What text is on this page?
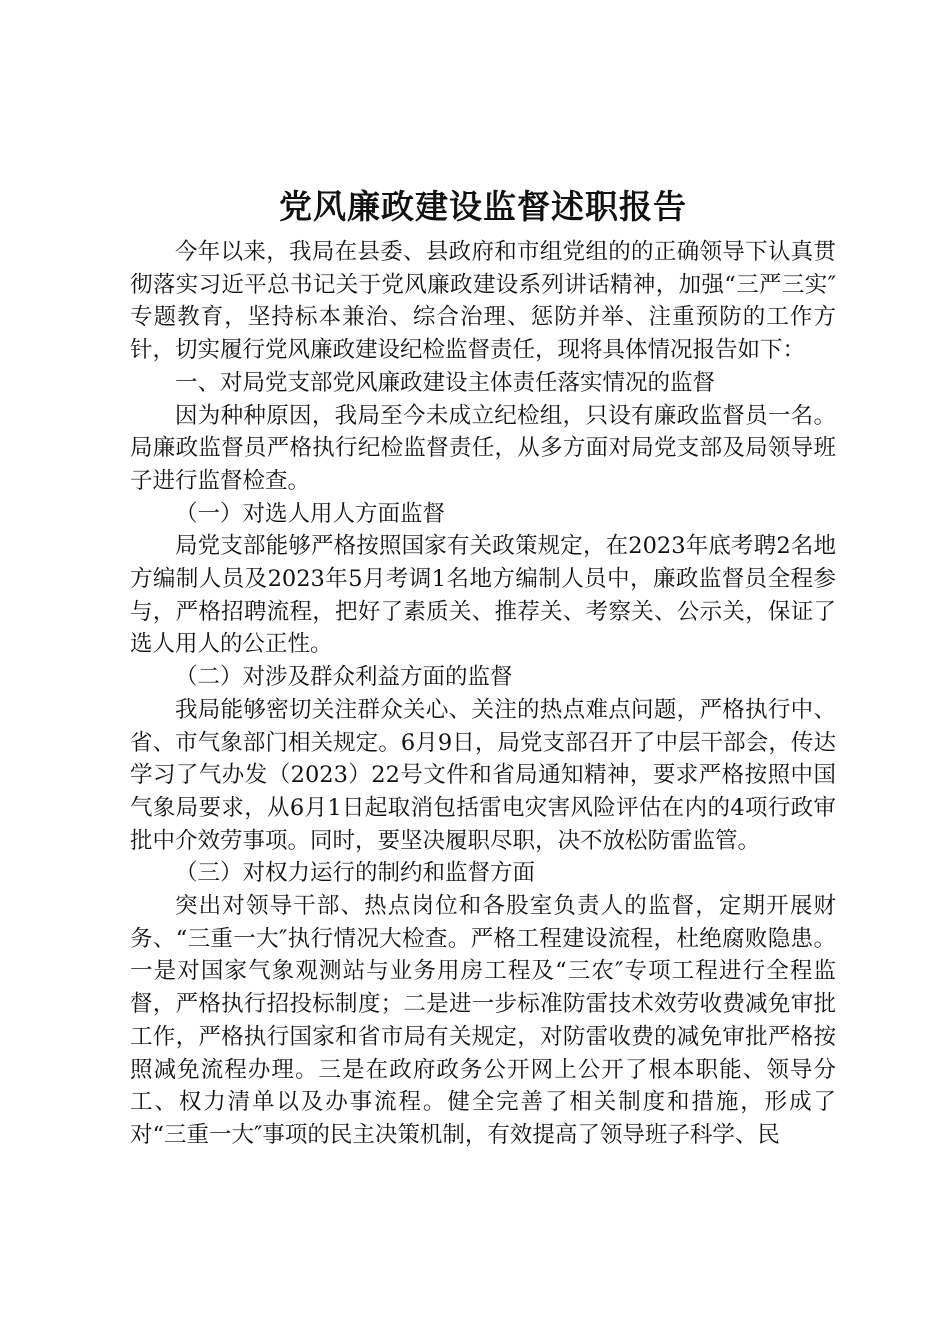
党风廉政建设监督述职报告

今年以来，我局在县委、县政府和市组党组的的正确领导下认真贯彻落实习近平总书记关于党风廉政建设系列讲话精神，加强“三严三实″专题教育，坚持标本兼治、综合治理、惩防并举、注重预防的工作方针，切实履行党风廉政建设纪检监督责任，现将具体情况报告如下：

一、对局党支部党风廉政建设主体责任落实情况的监督

因为种种原因，我局至今未成立纪检组，只设有廉政监督员一名。局廉政监督员严格执行纪检监督责任，从多方面对局党支部及局领导班子进行监督检查。

（一）对选人用人方面监督

局党支部能够严格按照国家有关政策规定，在2023年底考聘2名地方编制人员及2023年5月考调1名地方编制人员中，廉政监督员全程参与，严格招聘流程，把好了素质关、推荐关、考察关、公示关，保证了选人用人的公正性。

（二）对涉及群众利益方面的监督

我局能够密切关注群众关心、关注的热点难点问题，严格执行中、省、市气象部门相关规定。6月9日，局党支部召开了中层干部会，传达学习了气办发（2023）22号文件和省局通知精神，要求严格按照中国气象局要求，从6月1日起取消包括雷电灾害风险评估在内的4项行政审批中介效劳事项。同时，要坚决履职尽职，决不放松防雷监管。

（三）对权力运行的制约和监督方面

突出对领导干部、热点岗位和各股室负责人的监督，定期开展财务、“三重一大″执行情况大检查。严格工程建设流程，杜绝腐败隐患。一是对国家气象观测站与业务用房工程及“三农″专项工程进行全程监督，严格执行招投标制度；二是进一步标准防雷技术效劳收费减免审批工作，严格执行国家和省市局有关规定，对防雷收费的减免审批严格按照减免流程办理。三是在政府政务公开网上公开了根本职能、领导分工、权力清单以及办事流程。健全完善了相关制度和措施，形成了对“三重一大″事项的民主决策机制，有效提高了领导班子科学、民
